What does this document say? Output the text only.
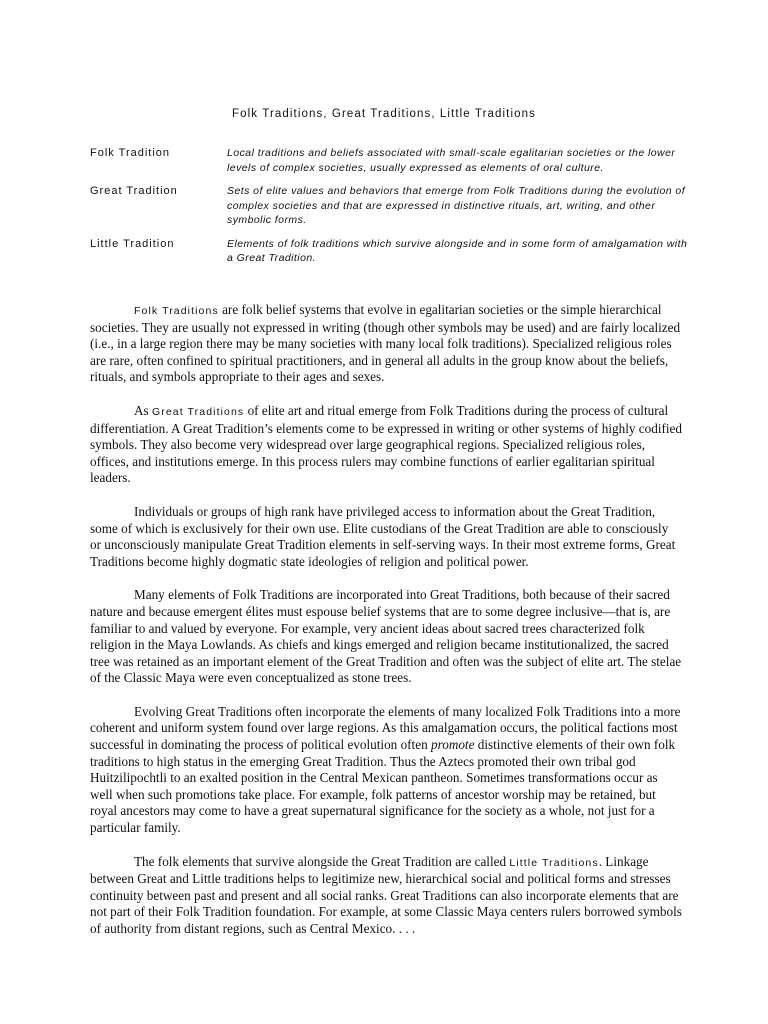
Folk Traditions, Great Traditions, Little Traditions
Folk Tradition	Local traditions and beliefs associated with small-scale egalitarian societies or the lower levels of complex societies, usually expressed as elements of oral culture.
Great Tradition	Sets of elite values and behaviors that emerge from Folk Traditions during the evolution of complex societies and that are expressed in distinctive rituals, art, writing, and other symbolic forms.
Little Tradition	Elements of folk traditions which survive alongside and in some form of amalgamation with a Great Tradition.

Folk Traditions are folk belief systems that evolve in egalitarian societies or the simple hierarchical societies. They are usually not expressed in writing (though other symbols may be used) and are fairly localized (i.e., in a large region there may be many societies with many local folk traditions). Specialized religious roles are rare, often confined to spiritual practitioners, and in general all adults in the group know about the beliefs, rituals, and symbols appropriate to their ages and sexes.

As Great Traditions of elite art and ritual emerge from Folk Traditions during the process of cultural differentiation. A Great Tradition’s elements come to be expressed in writing or other systems of highly codified symbols. They also become very widespread over large geographical regions. Specialized religious roles, offices, and institutions emerge. In this process rulers may combine functions of earlier egalitarian spiritual leaders.

Individuals or groups of high rank have privileged access to information about the Great Tradition, some of which is exclusively for their own use. Elite custodians of the Great Tradition are able to consciously or unconsciously manipulate Great Tradition elements in self-serving ways. In their most extreme forms, Great Traditions become highly dogmatic state ideologies of religion and political power.

Many elements of Folk Traditions are incorporated into Great Traditions, both because of their sacred nature and because emergent élites must espouse belief systems that are to some degree inclusive—that is, are familiar to and valued by everyone. For example, very ancient ideas about sacred trees characterized folk religion in the Maya Lowlands. As chiefs and kings emerged and religion became institutionalized, the sacred tree was retained as an important element of the Great Tradition and often was the subject of elite art. The stelae of the Classic Maya were even conceptualized as stone trees.

Evolving Great Traditions often incorporate the elements of many localized Folk Traditions into a more coherent and uniform system found over large regions. As this amalgamation occurs, the political factions most successful in dominating the process of political evolution often promote distinctive elements of their own folk traditions to high status in the emerging Great Tradition. Thus the Aztecs promoted their own tribal god Huitzilipochtli to an exalted position in the Central Mexican pantheon. Sometimes transformations occur as well when such promotions take place. For example, folk patterns of ancestor worship may be retained, but royal ancestors may come to have a great supernatural significance for the society as a whole, not just for a particular family.

The folk elements that survive alongside the Great Tradition are called Little Traditions. Linkage between Great and Little traditions helps to legitimize new, hierarchical social and political forms and stresses continuity between past and present and all social ranks. Great Traditions can also incorporate elements that are not part of their Folk Tradition foundation. For example, at some Classic Maya centers rulers borrowed symbols of authority from distant regions, such as Central Mexico. . . .
